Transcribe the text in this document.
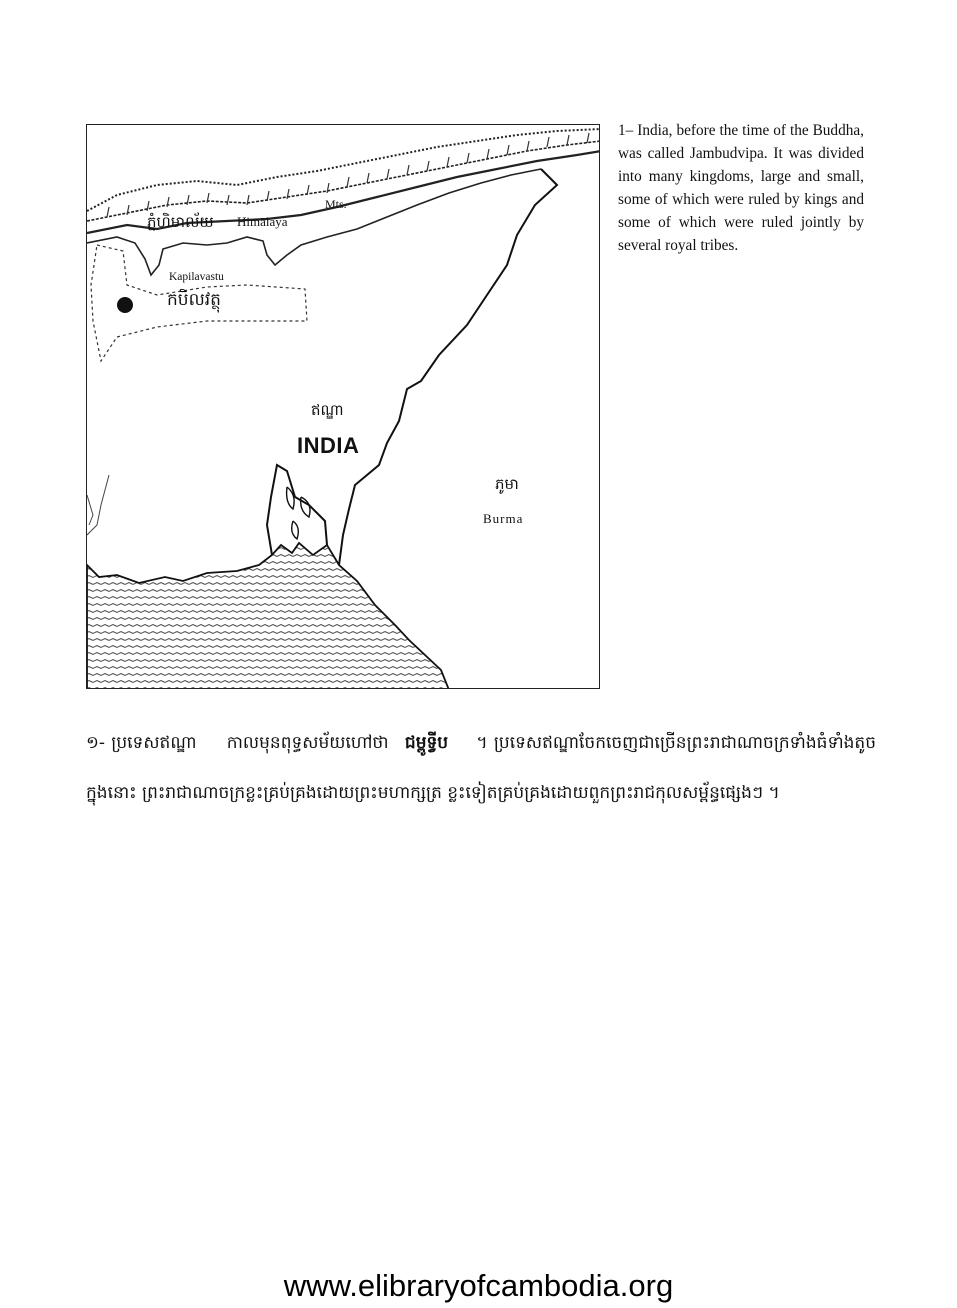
ភ្នំហិមាល័យ Himālaya
Mts.
Kapilavastu
កបិលវត្ថុ
ឥណ្ឌា
INDIA
ភូមា
Burma
1– India, before the time of the Buddha, was called Jambudvipa. It was divided into many kingdoms, large and small, some of which were ruled by kings and some of which were ruled jointly by several royal tribes.
១- ប្រទេសឥណ្ឌា កាលមុនពុទ្ធសម័យហៅថា ជម្ពូទ្វីប ។ ប្រទេសឥណ្ឌាចែកចេញជាច្រើនព្រះរាជាណាចក្រទាំងធំទាំងតូច ក្នុងនោះ ព្រះរាជាណាចក្រខ្លះគ្រប់គ្រងដោយព្រះមហាក្សត្រ ខ្លះទៀតគ្រប់គ្រងដោយពួកព្រះរាជកុលសម្ព័ន្ធផ្សេងៗ ។
www.elibraryofcambodia.org
